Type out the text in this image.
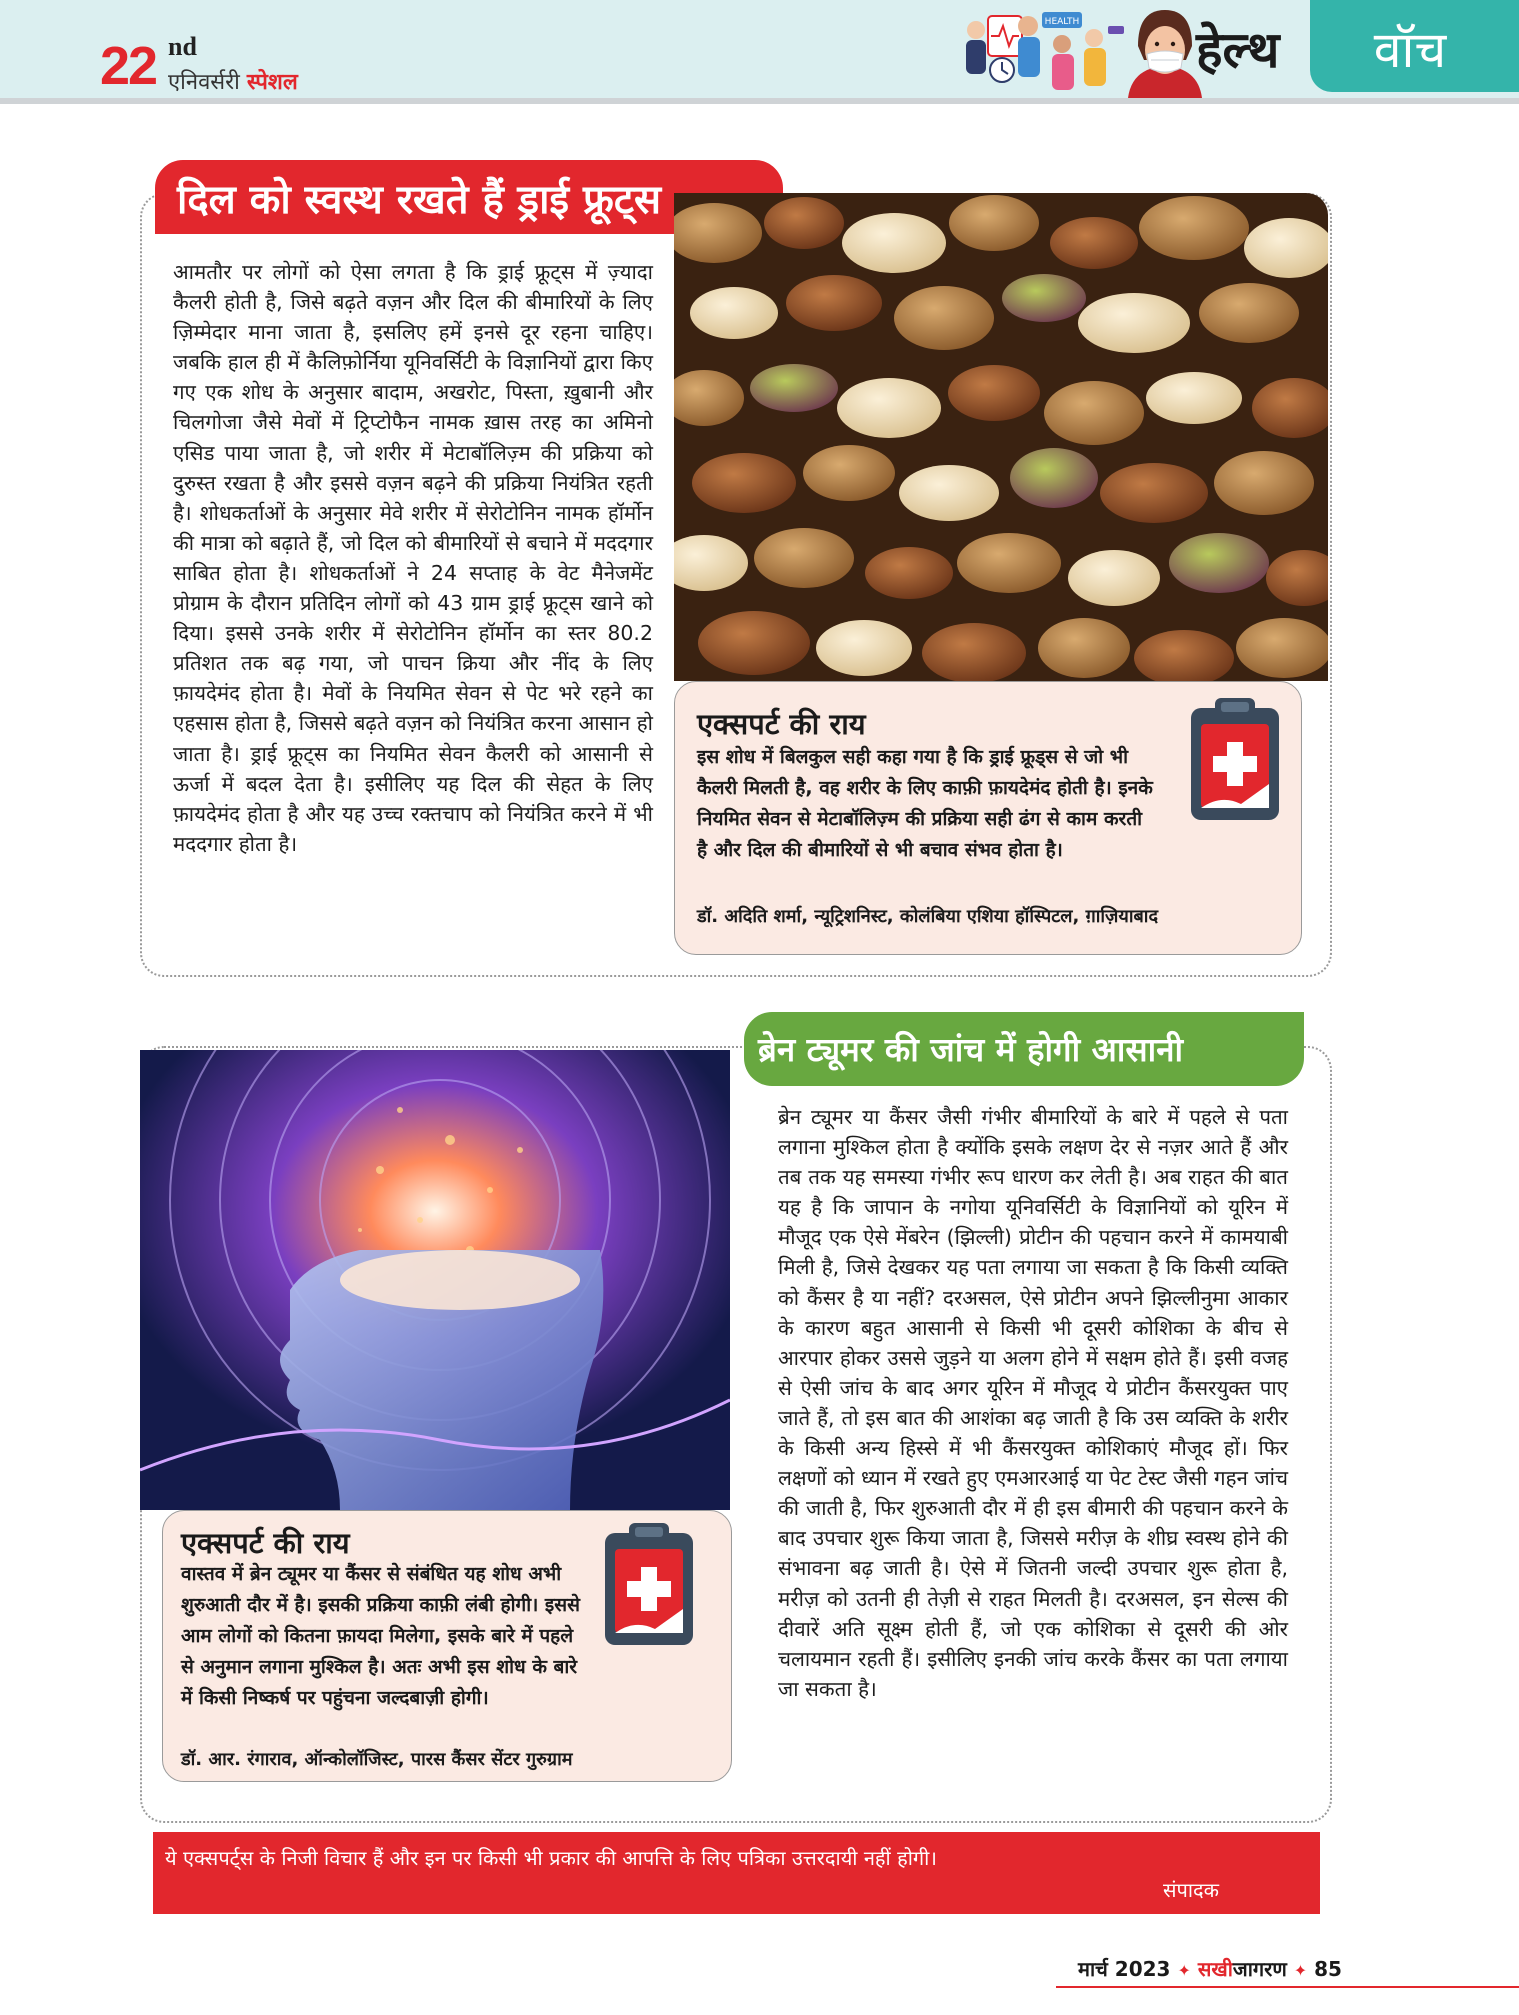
22 nd
एनिवर्सरी स्पेशल
HEALTH हेल्थ	वॉच
दिल को स्वस्थ रखते हैं ड्राई फ्रूट्स
आमतौर पर लोगों को ऐसा लगता है कि ड्राई फ्रूट्स में ज़्यादा कैलरी होती है, जिसे बढ़ते वज़न और दिल की बीमारियों के लिए ज़िम्मेदार माना जाता है, इसलिए हमें इनसे दूर रहना चाहिए। जबकि हाल ही में कैलिफ़ोर्निया यूनिवर्सिटी के विज्ञानियों द्वारा किए गए एक शोध के अनुसार बादाम, अखरोट, पिस्ता, ख़ुबानी और चिलगोजा जैसे मेवों में ट्रिप्टोफैन नामक ख़ास तरह का अमिनो एसिड पाया जाता है, जो शरीर में मेटाबॉलिज़्म की प्रक्रिया को दुरुस्त रखता है और इससे वज़न बढ़ने की प्रक्रिया नियंत्रित रहती है। शोधकर्ताओं के अनुसार मेवे शरीर में सेरोटोनिन नामक हॉर्मोन की मात्रा को बढ़ाते हैं, जो दिल को बीमारियों से बचाने में मददगार साबित होता है। शोधकर्ताओं ने 24 सप्ताह के वेट मैनेजमेंट प्रोग्राम के दौरान प्रतिदिन लोगों को 43 ग्राम ड्राई फ्रूट्स खाने को दिया। इससे उनके शरीर में सेरोटोनिन हॉर्मोन का स्तर 80.2 प्रतिशत तक बढ़ गया, जो पाचन क्रिया और नींद के लिए फ़ायदेमंद होता है। मेवों के नियमित सेवन से पेट भरे रहने का एहसास होता है, जिससे बढ़ते वज़न को नियंत्रित करना आसान हो जाता है। ड्राई फ्रूट्स का नियमित सेवन कैलरी को आसानी से ऊर्जा में बदल देता है। इसीलिए यह दिल की सेहत के लिए फ़ायदेमंद होता है और यह उच्च रक्तचाप को नियंत्रित करने में भी मददगार होता है।
एक्सपर्ट की राय
इस शोध में बिलकुल सही कहा गया है कि ड्राई फ्रूड्स से जो भी कैलरी मिलती है, वह शरीर के लिए काफ़ी फ़ायदेमंद होती है। इनके नियमित सेवन से मेटाबॉलिज़्म की प्रक्रिया सही ढंग से काम करती है और दिल की बीमारियों से भी बचाव संभव होता है।
डॉ. अदिति शर्मा, न्यूट्रिशनिस्ट, कोलंबिया एशिया हॉस्पिटल, ग़ाज़ियाबाद
ब्रेन ट्यूमर की जांच में होगी आसानी
ब्रेन ट्यूमर या कैंसर जैसी गंभीर बीमारियों के बारे में पहले से पता लगाना मुश्किल होता है क्योंकि इसके लक्षण देर से नज़र आते हैं और तब तक यह समस्या गंभीर रूप धारण कर लेती है। अब राहत की बात यह है कि जापान के नगोया यूनिवर्सिटी के विज्ञानियों को यूरिन में मौजूद एक ऐसे मेंबरेन (झिल्ली) प्रोटीन की पहचान करने में कामयाबी मिली है, जिसे देखकर यह पता लगाया जा सकता है कि किसी व्यक्ति को कैंसर है या नहीं? दरअसल, ऐसे प्रोटीन अपने झिल्लीनुमा आकार के कारण बहुत आसानी से किसी भी दूसरी कोशिका के बीच से आरपार होकर उससे जुड़ने या अलग होने में सक्षम होते हैं। इसी वजह से ऐसी जांच के बाद अगर यूरिन में मौजूद ये प्रोटीन कैंसरयुक्त पाए जाते हैं, तो इस बात की आशंका बढ़ जाती है कि उस व्यक्ति के शरीर के किसी अन्य हिस्से में भी कैंसरयुक्त कोशिकाएं मौजूद हों। फिर लक्षणों को ध्यान में रखते हुए एमआरआई या पेट टेस्ट जैसी गहन जांच की जाती है, फिर शुरुआती दौर में ही इस बीमारी की पहचान करने के बाद उपचार शुरू किया जाता है, जिससे मरीज़ के शीघ्र स्वस्थ होने की संभावना बढ़ जाती है। ऐसे में जितनी जल्दी उपचार शुरू होता है, मरीज़ को उतनी ही तेज़ी से राहत मिलती है। दरअसल, इन सेल्स की दीवारें अति सूक्ष्म होती हैं, जो एक कोशिका से दूसरी की ओर चलायमान रहती हैं। इसीलिए इनकी जांच करके कैंसर का पता लगाया जा सकता है।
एक्सपर्ट की राय
वास्तव में ब्रेन ट्यूमर या कैंसर से संबंधित यह शोध अभी शुरुआती दौर में है। इसकी प्रक्रिया काफ़ी लंबी होगी। इससे आम लोगों को कितना फ़ायदा मिलेगा, इसके बारे में पहले से अनुमान लगाना मुश्किल है। अतः अभी इस शोध के बारे में किसी निष्कर्ष पर पहुंचना जल्दबाज़ी होगी।
डॉ. आर. रंगाराव, ऑन्कोलॉजिस्ट, पारस कैंसर सेंटर गुरुग्राम
ये एक्सपर्ट्स के निजी विचार हैं और इन पर किसी भी प्रकार की आपत्ति के लिए पत्रिका उत्तरदायी नहीं होगी।
संपादक
मार्च 2023 ✦ सखीजागरण ✦ 85
